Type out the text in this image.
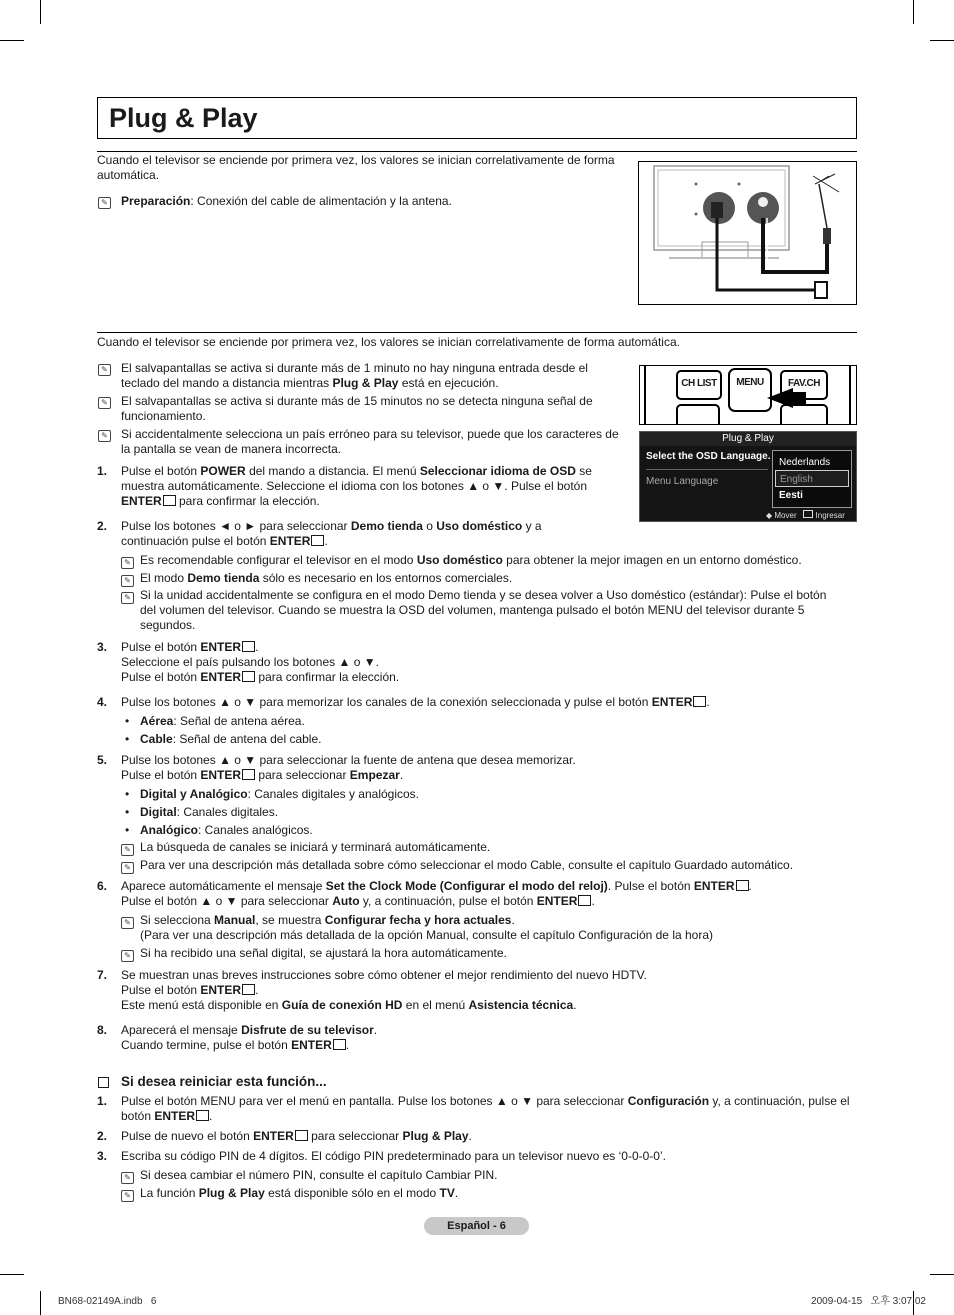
Plug & Play
Cuando el televisor se enciende por primera vez, los valores se inician correlativamente de forma automática.
✎
Preparación: Conexión del cable de alimentación y la antena.
Cuando el televisor se enciende por primera vez, los valores se inician correlativamente de forma automática.
✎
El salvapantallas se activa si durante más de 1 minuto no hay ninguna entrada desde el teclado del mando a distancia mientras Plug & Play está en ejecución.
✎
El salvapantallas se activa si durante más de 15 minutos no se detecta ninguna señal de funcionamiento.
✎
Si accidentalmente selecciona un país erróneo para su televisor, puede que los caracteres de la pantalla se vean de manera incorrecta.
CH LIST	MENU	FAV.CH
Plug & Play
Select the OSD Language.
Menu Language
Nederlands
English
Eesti
◆ Mover Ingresar
1. Pulse el botón POWER del mando a distancia. El menú Seleccionar idioma de OSD se muestra automáticamente. Seleccione el idioma con los botones ▲ o ▼. Pulse el botón ENTER para confirmar la elección.
2. Pulse los botones ◄ o ► para seleccionar Demo tienda o Uso doméstico y a continuación pulse el botón ENTER .
✎
Es recomendable configurar el televisor en el modo Uso doméstico para obtener la mejor imagen en un entorno doméstico.
✎
El modo Demo tienda sólo es necesario en los entornos comerciales.
✎
Si la unidad accidentalmente se configura en el modo Demo tienda y se desea volver a Uso doméstico (estándar): Pulse el botón del volumen del televisor. Cuando se muestra la OSD del volumen, mantenga pulsado el botón MENU del televisor durante 5 segundos.
3. Pulse el botón ENTER .
Seleccione el país pulsando los botones ▲ o ▼.
Pulse el botón ENTER para confirmar la elección.
4. Pulse los botones ▲ o ▼ para memorizar los canales de la conexión seleccionada y pulse el botón ENTER .
• Aérea: Señal de antena aérea.
• Cable: Señal de antena del cable.
5. Pulse los botones ▲ o ▼ para seleccionar la fuente de antena que desea memorizar.
Pulse el botón ENTER para seleccionar Empezar.
• Digital y Analógico: Canales digitales y analógicos.
• Digital: Canales digitales.
• Analógico: Canales analógicos.
✎
La búsqueda de canales se iniciará y terminará automáticamente.
✎
Para ver una descripción más detallada sobre cómo seleccionar el modo Cable, consulte el capítulo Guardado automático.
6. Aparece automáticamente el mensaje Set the Clock Mode (Configurar el modo del reloj). Pulse el botón ENTER .
Pulse el botón ▲ o ▼ para seleccionar Auto y, a continuación, pulse el botón ENTER .
✎
Si selecciona Manual, se muestra Configurar fecha y hora actuales.
(Para ver una descripción más detallada de la opción Manual, consulte el capítulo Configuración de la hora)
✎
Si ha recibido una señal digital, se ajustará la hora automáticamente.
7. Se muestran unas breves instrucciones sobre cómo obtener el mejor rendimiento del nuevo HDTV.
Pulse el botón ENTER .
Este menú está disponible en Guía de conexión HD en el menú Asistencia técnica.
8. Aparecerá el mensaje Disfrute de su televisor.
Cuando termine, pulse el botón ENTER .
Si desea reiniciar esta función...
1. Pulse el botón MENU para ver el menú en pantalla. Pulse los botones ▲ o ▼ para seleccionar Configuración y, a continuación, pulse el botón ENTER .
2. Pulse de nuevo el botón ENTER para seleccionar Plug & Play.
3. Escriba su código PIN de 4 dígitos. El código PIN predeterminado para un televisor nuevo es ‘0-0-0-0’.
✎
Si desea cambiar el número PIN, consulte el capítulo Cambiar PIN.
✎
La función Plug & Play está disponible sólo en el modo TV.
Español - 6
BN68-02149A.indb   6	2009-04-15   오후 3:07:02
